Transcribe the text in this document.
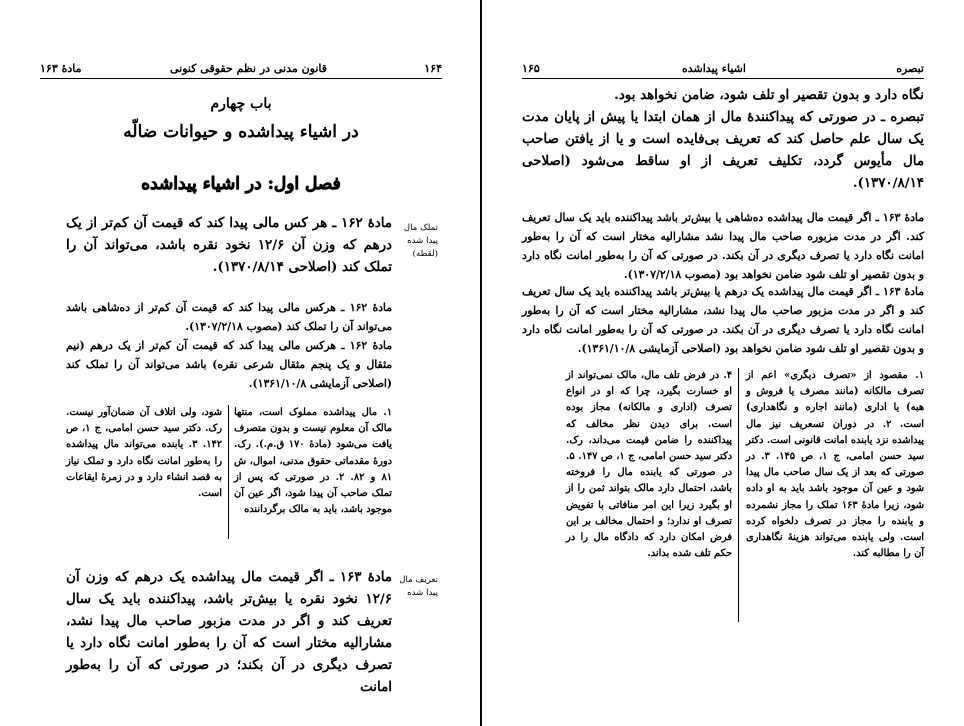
مادهٔ ۱۶۳	قانون مدنی در نظم حقوقی کنونی	۱۶۴
باب چهارم
در اشیاء پیداشده و حیوانات ضالّه
فصل اول: در اشیاء پیداشده
تملک مال پیدا شده (لقطه)
مادهٔ ۱۶۲ ـ هر کس مالی پیدا کند که قیمت آن کم‌تر از یک درهم که وزن آن ۱۲/۶ نخود نقره باشد، می‌تواند آن را تملک کند (اصلاحی ۱۳۷۰/۸/۱۴).
مادهٔ ۱۶۲ ـ هرکس مالی پیدا کند که قیمت آن کم‌تر از ده‌شاهی باشد می‌تواند آن را تملک کند (مصوب ۱۳۰۷/۲/۱۸).
مادهٔ ۱۶۲ ـ هرکس مالی پیدا کند که قیمت آن کم‌تر از یک درهم (نیم مثقال و یک پنجم مثقال شرعی نقره) باشد می‌تواند آن را تملک کند (اصلاحی آزمایشی ۱۳۶۱/۱۰/۸).
۱. مال پیداشده مملوک است، منتها مالک آن معلوم نیست و بدون متصرف یافت می‌شود (مادهٔ ۱۷۰ ق.م.). رک. دورهٔ مقدماتی حقوق مدنی، اموال، ش ۸۱ و ۸۲. ۲. در صورتی که پس از تملک صاحب آن پیدا شود، اگر عین آن موجود باشد، باید به مالک برگرداننده
شود، ولی اتلاف آن ضمان‌آور نیست. رک. دکتر سید حسن امامی، ج ۱، ص ۱۴۲. ۳. یابنده می‌تواند مال پیداشده را به‌طور امانت نگاه دارد و تملک نیاز به قصد انشاء دارد و در زمرهٔ ایقاعات است.
تعریف مال پیدا شده
مادهٔ ۱۶۳ ـ اگر قیمت مال پیداشده یک درهم که وزن آن ۱۲/۶ نخود نقره یا بیش‌تر باشد، پیداکننده باید یک سال تعریف کند و اگر در مدت مزبور صاحب مال پیدا نشد، مشارالیه مختار است که آن را به‌طور امانت نگاه دارد یا تصرف دیگری در آن بکند؛ در صورتی که آن را به‌طور امانت
تبصره
اشیاء پیداشده
۱۶۵
نگاه دارد و بدون تقصیر او تلف شود، ضامن نخواهد بود.
تبصره ـ در صورتی که پیداکنندهٔ مال از همان ابتدا یا پیش از پایان مدت یک سال علم حاصل کند که تعریف بی‌فایده است و یا از یافتن صاحب مال مأیوس گردد، تکلیف تعریف از او ساقط می‌شود (اصلاحی ۱۳۷۰/۸/۱۴).
مادهٔ ۱۶۳ ـ اگر قیمت مال پیداشده ده‌شاهی یا بیش‌تر باشد پیداکننده باید یک سال تعریف کند. اگر در مدت مزبوره صاحب مال پیدا نشد مشارالیه مختار است که آن را به‌طور امانت نگاه دارد یا تصرف دیگری در آن بکند. در صورتی که آن را به‌طور امانت نگاه دارد و بدون تقصیر او تلف شود ضامن نخواهد بود (مصوب ۱۳۰۷/۲/۱۸).
مادهٔ ۱۶۳ ـ اگر قیمت مال پیداشده یک درهم یا بیش‌تر باشد پیداکننده باید یک سال تعریف کند و اگر در مدت مزبور صاحب مال پیدا نشد، مشارالیه مختار است که آن را به‌طور امانت نگاه دارد یا تصرف دیگری در آن بکند. در صورتی که آن را به‌طور امانت نگاه دارد و بدون تقصیر او تلف شود ضامن نخواهد بود (اصلاحی آزمایشی ۱۳۶۱/۱۰/۸).
۱. مقصود از «تصرف دیگری» اعم از تصرف مالکانه (مانند مصرف یا فروش و هبه) یا اداری (مانند اجاره و نگاهداری) است. ۲. در دوران تسعریف نیز مال پیداشده نزد یابنده امانت قانونی است. دکتر سید حسن امامی، ج ۱، ص ۱۴۵. ۳. در صورتی که بعد از یک سال صاحب مال پیدا شود و عین آن موجود باشد باید به او داده شود، زیرا مادهٔ ۱۶۳ تملک را مجاز نشمرده و یابنده را مجاز در تصرف دلخواه کرده است. ولی یابنده می‌تواند هزینهٔ نگاهداری آن را مطالبه کند.
۴. در فرض تلف مال، مالک نمی‌تواند از او خسارت بگیرد، چرا که او در انواع تصرف (اداری و مالکانه) مجاز بوده است. برای دیدن نظر مخالف که پیداکننده را ضامن قیمت می‌داند، رک. دکتر سید حسن امامی، ج ۱، ص ۱۴۷. ۵. در صورتی که یابنده مال را فروخته باشد، احتمال دارد مالک بتواند ثمن را از او بگیرد زیرا این امر منافاتی با تفویض تصرف او ندارد؛ و احتمال مخالف بر این فرض امکان دارد که دادگاه مال را در حکم تلف شده بداند.
